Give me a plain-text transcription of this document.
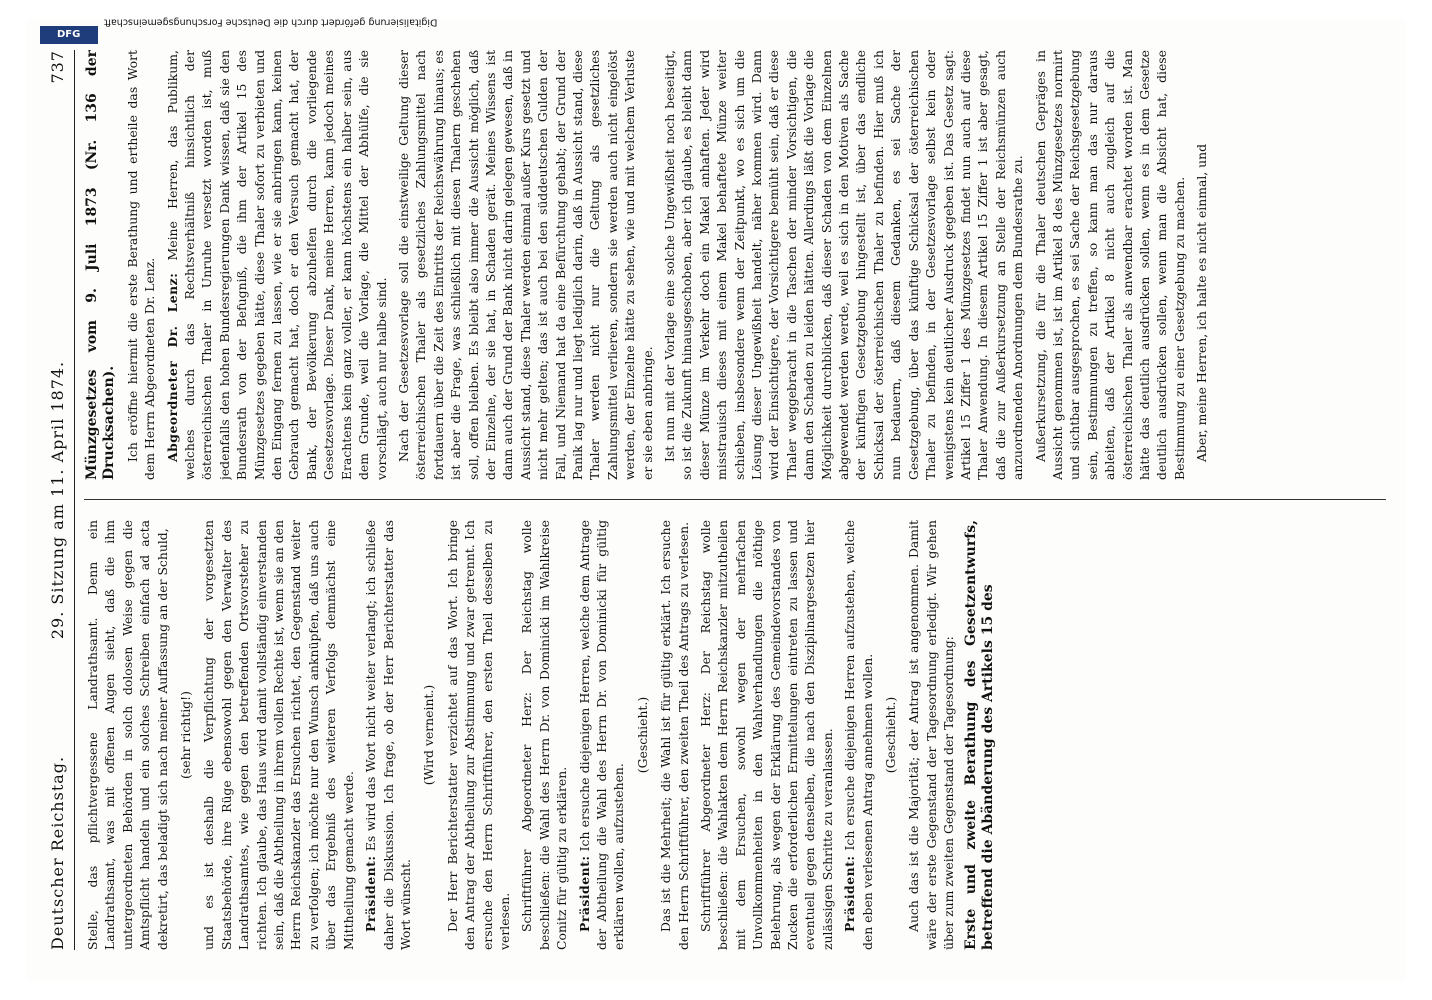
Deutscher Reichstag.
29. Sitzung am 11. April 1874.
737

Stelle, das pflichtvergessene Landrathsamt. Denn ein Landrathsamt, was mit offenen Augen sieht, daß die ihm untergeordneten Behörden in solch dolosen Weise gegen die Amtspflicht handeln und ein solches Schreiben einfach ad acta dekretirt, das beladigt sich nach meiner Auffassung an der Schuld, (sehr richtig!) und es ist deshalb die Verpflichtung der vorgesetzten Staatsbehörde, ihre Rüge ebensowohl gegen den Verwalter des Landrathsamtes, wie gegen den betreffenden Ortsvorsteher zu richten. Ich glaube, das Haus wird damit vollständig einverstanden sein, daß die Abtheilung in ihrem vollen Rechte ist, wenn sie an den Herrn Reichskanzler das Ersuchen richtet, den Gegenstand weiter zu verfolgen; ich möchte nur den Wunsch anknüpfen, daß uns auch über das Ergebniß des weiteren Verfolgs demnächst eine Mittheilung gemacht werde. Präsident: Es wird das Wort nicht weiter verlangt; ich schließe daher die Diskussion. Ich frage, ob der Herr Berichterstatter das Wort wünscht.

(Wird verneint.) Der Herr Berichterstatter verzichtet auf das Wort. Ich bringe den Antrag der Abtheilung zur Abstimmung und zwar getrennt. Ich ersuche den Herrn Schriftführer, den ersten Theil desselben zu verlesen. Schriftführer Abgeordneter Herz: Der Reichstag wolle beschließen: die Wahl des Herrn Dr. von Dominicki im Wahlkreise Conitz für gültig zu erklären. Präsident: Ich ersuche diejenigen Herren, welche dem Antrage der Abtheilung die Wahl des Herrn Dr. von Dominicki für gültig erklären wollen, aufzustehen.

(Geschieht.) Das ist die Mehrheit; die Wahl ist für gültig erklärt. Ich ersuche den Herrn Schriftführer, den zweiten Theil des Antrags zu verlesen. Schriftführer Abgeordneter Herz: Der Reichstag wolle beschließen: die Wahlakten dem Herrn Reichskanzler mitzutheilen mit dem Ersuchen, sowohl wegen der mehrfachen Unvollkommenheiten in den Wahlverhandlungen die nöthige Belehrung, als wegen der Erklärung des Gemeindevorstandes von Zucken die erforderlichen Ermittelungen eintreten zu lassen und eventuell gegen denselben, die nach den Disziplinargesetzen hier zulässigen Schritte zu veranlassen. Präsident: Ich ersuche diejenigen Herren aufzustehen, welche den eben verlesenen Antrag annehmen wollen. (Geschieht.) Auch das ist die Majorität; der Antrag ist angenommen. Damit wäre der erste Gegenstand der Tagesordnung erledigt. Wir gehen über zum zweiten Gegenstand der Tagesordnung: Erste und zweite Berathung des Gesetzentwurfs, betreffend die Abänderung des Artikels 15 des

Münzgesetzes vom 9. Juli 1873 (Nr. 136 der Drucksachen). Ich eröffne hiermit die erste Berathung und ertheile das Wort dem Herrn Abgeordneten Dr. Lenz. Abgeordneter Dr. Lenz: Meine Herren, das Publikum, welches durch das Rechtsverhältniß hinsichtlich der österreichischen Thaler in Unruhe versetzt worden ist, muß jedenfalls den hohen Bundesregierungen Dank wissen, daß sie den Bundesrath von der Befugniß, die ihm der Artikel 15 des Münzgesetzes gegeben hätte, diese Thaler sofort zu verbieten und den Eingang fernen zu lassen, wie er sie anbringen kann, keinen Gebrauch gemacht hat, doch er den Versuch gemacht hat, der Bank, der Bevölkerung abzuhelfen durch die vorliegende Gesetzesvorlage. Dieser Dank, meine Herren, kann jedoch meines Erachtens kein ganz voller, er kann höchstens ein halber sein, aus dem Grunde, weil die Vorlage, die Mittel der Abhülfe, die sie vorschlägt, auch nur halbe sind. Nach der Gesetzesvorlage soll die einstweilige Geltung dieser österreichischen Thaler als gesetzliches Zahlungsmittel nach fortdauern über die Zeit des Eintritts der Reichswährung hinaus; es ist aber die Frage, was schließlich mit diesen Thalern geschehen soll, offen bleiben. Es bleibt also immer die Aussicht möglich, daß der Einzelne, der sie hat, in Schaden gerät. Meines Wissens ist dann auch der Grund der Bank nicht darin gelegen gewesen, daß in Aussicht stand, diese Thaler werden einmal außer Kurs gesetzt und nicht mehr gelten; das ist auch bei den süddeutschen Gulden der Fall, und Niemand hat da eine Befürchtung gehabt; der Grund der Panik lag nur und liegt lediglich darin, daß in Aussicht stand, diese Thaler werden nicht nur die Geltung als gesetzliches Zahlungsmittel verlieren, sondern sie werden auch nicht eingelöst werden, der Einzelne hätte zu sehen, wie und mit welchem Verluste er sie eben anbringe. Ist nun mit der Vorlage eine solche Ungewißheit noch beseitigt, so ist die Zukunft hinausgeschoben, aber ich glaube, es bleibt dann dieser Münze im Verkehr doch ein Makel anhaften. Jeder wird misstrauisch dieses mit einem Makel behaftete Münze weiter schieben, insbesondere wenn der Zeitpunkt, wo es sich um die Lösung dieser Ungewißheit handelt, näher kommen wird. Dann wird der Einsichtigere, der Vorsichtigere bemüht sein, daß er diese Thaler weggebracht in die Taschen der minder Vorsichtigen, die dann den Schaden zu leiden hätten. Allerdings läßt die Vorlage die Möglichkeit durchblicken, daß dieser Schaden von dem Einzelnen abgewendet werden werde, weil es sich in den Motiven als Sache der künftigen Gesetzgebung hingestellt ist, über das endliche Schicksal der österreichischen Thaler zu befinden. Hier muß ich nun bedauern, daß diesem Gedanken, es sei Sache der Gesetzgebung, über das künftige Schicksal der österreichischen Thaler zu befinden, in der Gesetzesvorlage selbst kein oder wenigstens kein deutlicher Ausdruck gegeben ist. Das Gesetz sagt: Artikel 15 Ziffer 1 des Münzgesetzes findet nun auch auf diese Thaler Anwendung. In diesem Artikel 15 Ziffer 1 ist aber gesagt, daß die zur Außerkursetzung an Stelle der Reichsmünzen auch anzuordnenden Anordnungen dem Bundesrathe zu. Außerkursetzung, die für die Thaler deutschen Gepräges in Aussicht genommen ist, ist im Artikel 8 des Münzgesetzes normirt und sichtbar ausgesprochen, es sei Sache der Reichsgesetzgebung sein, Bestimmungen zu treffen, so kann man das nur daraus ableiten, daß der Artikel 8 nicht auch zugleich auf die österreichischen Thaler als anwendbar erachtet worden ist. Man hätte das deutlich ausdrücken sollen, wenn es in dem Gesetze deutlich ausdrücken sollen, wenn man die Absicht hat, diese Bestimmung zu einer Gesetzgebung zu machen. Aber, meine Herren, ich halte es nicht einmal, und

DFG
Digitalisierung gefördert durch die Deutsche Forschungsgemeinschaft
